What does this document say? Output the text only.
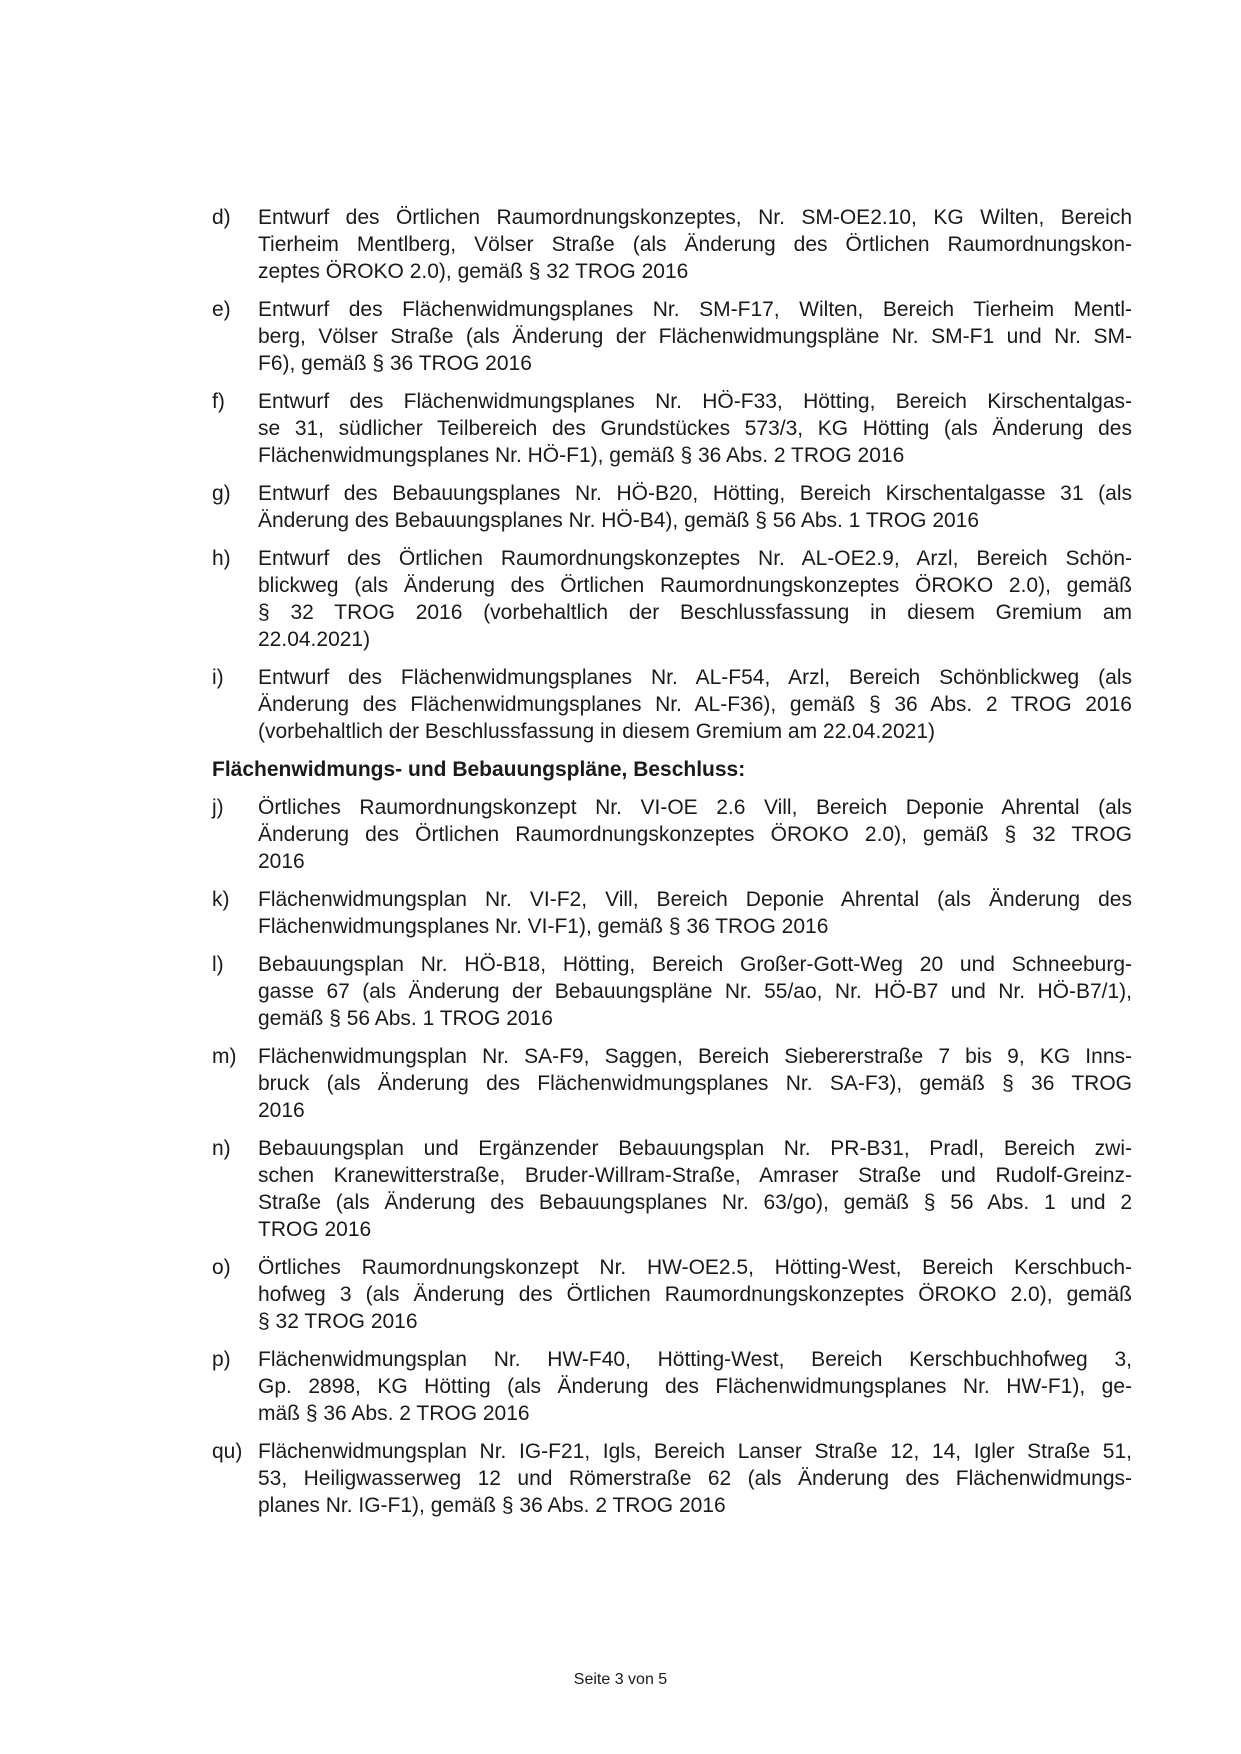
d)	Entwurf des Örtlichen Raumordnungskonzeptes, Nr. SM-OE2.10, KG Wilten, Bereich
Tierheim Mentlberg, Völser Straße (als Änderung des Örtlichen Raumordnungskon-
zeptes ÖROKO 2.0), gemäß § 32 TROG 2016
e)	Entwurf des Flächenwidmungsplanes Nr. SM-F17, Wilten, Bereich Tierheim Mentl-
berg, Völser Straße (als Änderung der Flächenwidmungspläne Nr. SM-F1 und Nr. SM-
F6), gemäß § 36 TROG 2016
f)	Entwurf des Flächenwidmungsplanes Nr. HÖ-F33, Hötting, Bereich Kirschentalgas-
se 31, südlicher Teilbereich des Grundstückes 573/3, KG Hötting (als Änderung des
Flächenwidmungsplanes Nr. HÖ-F1), gemäß § 36 Abs. 2 TROG 2016
g)	Entwurf des Bebauungsplanes Nr. HÖ-B20, Hötting, Bereich Kirschentalgasse 31 (als
Änderung des Bebauungsplanes Nr. HÖ-B4), gemäß § 56 Abs. 1 TROG 2016
h)	Entwurf des Örtlichen Raumordnungskonzeptes Nr. AL-OE2.9, Arzl, Bereich Schön-
blickweg (als Änderung des Örtlichen Raumordnungskonzeptes ÖROKO 2.0), gemäß
§ 32 TROG 2016 (vorbehaltlich der Beschlussfassung in diesem Gremium am
22.04.2021)
i)	Entwurf des Flächenwidmungsplanes Nr. AL-F54, Arzl, Bereich Schönblickweg (als
Änderung des Flächenwidmungsplanes Nr. AL-F36), gemäß § 36 Abs. 2 TROG 2016
(vorbehaltlich der Beschlussfassung in diesem Gremium am 22.04.2021)
Flächenwidmungs- und Bebauungspläne, Beschluss:
j)	Örtliches Raumordnungskonzept Nr. VI-OE 2.6 Vill, Bereich Deponie Ahrental (als
Änderung des Örtlichen Raumordnungskonzeptes ÖROKO 2.0), gemäß § 32 TROG
2016
k)	Flächenwidmungsplan Nr. VI-F2, Vill, Bereich Deponie Ahrental (als Änderung des
Flächenwidmungsplanes Nr. VI-F1), gemäß § 36 TROG 2016
l)	Bebauungsplan Nr. HÖ-B18, Hötting, Bereich Großer-Gott-Weg 20 und Schneeburg-
gasse 67 (als Änderung der Bebauungspläne Nr. 55/ao, Nr. HÖ-B7 und Nr. HÖ-B7/1),
gemäß § 56 Abs. 1 TROG 2016
m)	Flächenwidmungsplan Nr. SA-F9, Saggen, Bereich Siebererstraße 7 bis 9, KG Inns-
bruck (als Änderung des Flächenwidmungsplanes Nr. SA-F3), gemäß § 36 TROG
2016
n)	Bebauungsplan und Ergänzender Bebauungsplan Nr. PR-B31, Pradl, Bereich zwi-
schen Kranewitterstraße, Bruder-Willram-Straße, Amraser Straße und Rudolf-Greinz-
Straße (als Änderung des Bebauungsplanes Nr. 63/go), gemäß § 56 Abs. 1 und 2
TROG 2016
o)	Örtliches Raumordnungskonzept Nr. HW-OE2.5, Hötting-West, Bereich Kerschbuch-
hofweg 3 (als Änderung des Örtlichen Raumordnungskonzeptes ÖROKO 2.0), gemäß
§ 32 TROG 2016
p)	Flächenwidmungsplan Nr. HW-F40, Hötting-West, Bereich Kerschbuchhofweg 3,
Gp. 2898, KG Hötting (als Änderung des Flächenwidmungsplanes Nr. HW-F1), ge-
mäß § 36 Abs. 2 TROG 2016
qu) Flächenwidmungsplan Nr. IG-F21, Igls, Bereich Lanser Straße 12, 14, Igler Straße 51,
53, Heiligwasserweg 12 und Römerstraße 62 (als Änderung des Flächenwidmungs-
planes Nr. IG-F1), gemäß § 36 Abs. 2 TROG 2016
Seite 3 von 5
